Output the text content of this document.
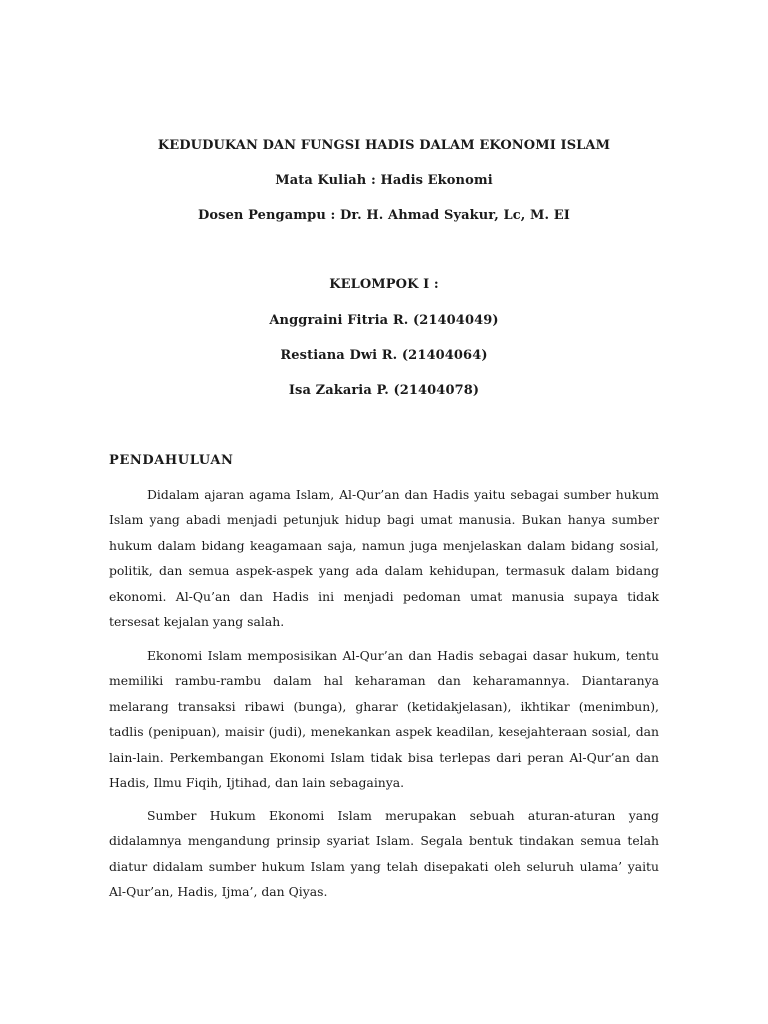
KEDUDUKAN DAN FUNGSI HADIS DALAM EKONOMI ISLAM
Mata Kuliah : Hadis Ekonomi
Dosen Pengampu : Dr. H. Ahmad Syakur, Lc, M. EI
KELOMPOK I :
Anggraini Fitria R. (21404049)
Restiana Dwi R. (21404064)
Isa Zakaria P. (21404078)
PENDAHULUAN

Didalam ajaran agama Islam, Al-Qur’an dan Hadis yaitu sebagai sumber hukum Islam yang abadi menjadi petunjuk hidup bagi umat manusia. Bukan hanya sumber hukum dalam bidang keagamaan saja, namun juga menjelaskan dalam bidang sosial, politik, dan semua aspek-aspek yang ada dalam kehidupan, termasuk dalam bidang ekonomi. Al-Qu’an dan Hadis ini menjadi pedoman umat manusia supaya tidak tersesat kejalan yang salah.

Ekonomi Islam memposisikan Al-Qur’an dan Hadis sebagai dasar hukum, tentu memiliki rambu-rambu dalam hal keharaman dan keharamannya. Diantaranya melarang transaksi ribawi (bunga), gharar (ketidakjelasan), ikhtikar (menimbun), tadlis (penipuan), maisir (judi), menekankan aspek keadilan, kesejahteraan sosial, dan lain-lain. Perkembangan Ekonomi Islam tidak bisa terlepas dari peran Al-Qur’an dan Hadis, Ilmu Fiqih, Ijtihad, dan lain sebagainya.

Sumber Hukum Ekonomi Islam merupakan sebuah aturan-aturan yang didalamnya mengandung prinsip syariat Islam. Segala bentuk tindakan semua telah diatur didalam sumber hukum Islam yang telah disepakati oleh seluruh ulama’ yaitu Al-Qur’an, Hadis, Ijma’, dan Qiyas.
